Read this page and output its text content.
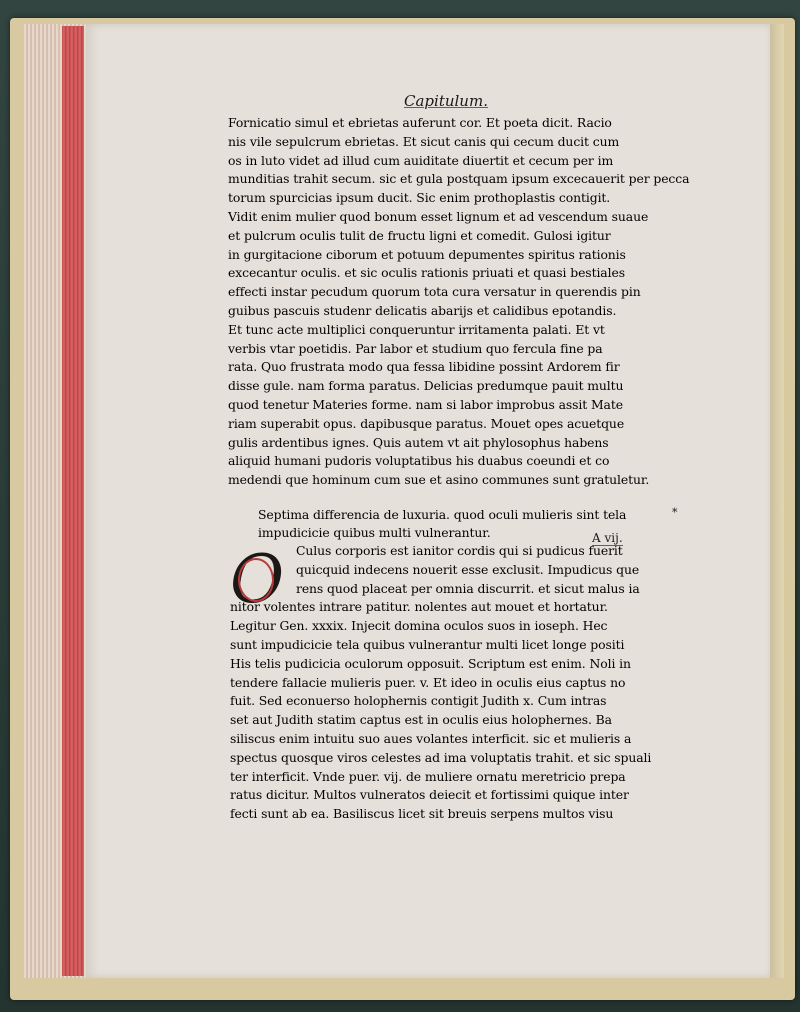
Capitulum.
A vij.
*
O
Fornicatio simul et ebrietas auferunt cor. Et poeta dicit. Racio
nis vile sepulcrum ebrietas. Et sicut canis qui cecum ducit cum
os in luto videt ad illud cum auiditate diuertit et cecum per im
munditias trahit secum. sic et gula postquam ipsum excecauerit per pecca
torum spurcicias ipsum ducit. Sic enim prothoplastis contigit.
Vidit enim mulier quod bonum esset lignum et ad vescendum suaue
et pulcrum oculis tulit de fructu ligni et comedit. Gulosi igitur
in gurgitacione ciborum et potuum depumentes spiritus rationis
excecantur oculis. et sic oculis rationis priuati et quasi bestiales
effecti instar pecudum quorum tota cura versatur in querendis pin
guibus pascuis studenr delicatis abarijs et calidibus epotandis.
Et tunc acte multiplici conqueruntur irritamenta palati. Et vt
verbis vtar poetidis. Par labor et studium quo fercula fine pa
rata. Quo frustrata modo qua fessa libidine possint Ardorem fir
disse gule. nam forma paratus. Delicias predumque pauit multu
quod tenetur Materies forme. nam si labor improbus assit Mate
riam superabit opus. dapibusque paratus. Mouet opes acuetque
gulis ardentibus ignes. Quis autem vt ait phylosophus habens
aliquid humani pudoris voluptatibus his duabus coeundi et co
medendi que hominum cum sue et asino communes sunt gratuletur.
Septima differencia de luxuria. quod oculi mulieris sint tela
impudicicie quibus multi vulnerantur.
Culus corporis est ianitor cordis qui si pudicus fuerit
quicquid indecens nouerit esse exclusit. Impudicus que
rens quod placeat per omnia discurrit. et sicut malus ia
nitor volentes intrare patitur. nolentes aut mouet et hortatur.
Legitur Gen. xxxix. Injecit domina oculos suos in ioseph. Hec
sunt impudicicie tela quibus vulnerantur multi licet longe positi
His telis pudicicia oculorum opposuit. Scriptum est enim. Noli in
tendere fallacie mulieris puer. v. Et ideo in oculis eius captus no
fuit. Sed econuerso holophernis contigit Judith x. Cum intras
set aut Judith statim captus est in oculis eius holophernes. Ba
siliscus enim intuitu suo aues volantes interficit. sic et mulieris a
spectus quosque viros celestes ad ima voluptatis trahit. et sic spuali
ter interficit. Vnde puer. vij. de muliere ornatu meretricio prepa
ratus dicitur. Multos vulneratos deiecit et fortissimi quique inter
fecti sunt ab ea. Basiliscus licet sit breuis serpens multos visu
